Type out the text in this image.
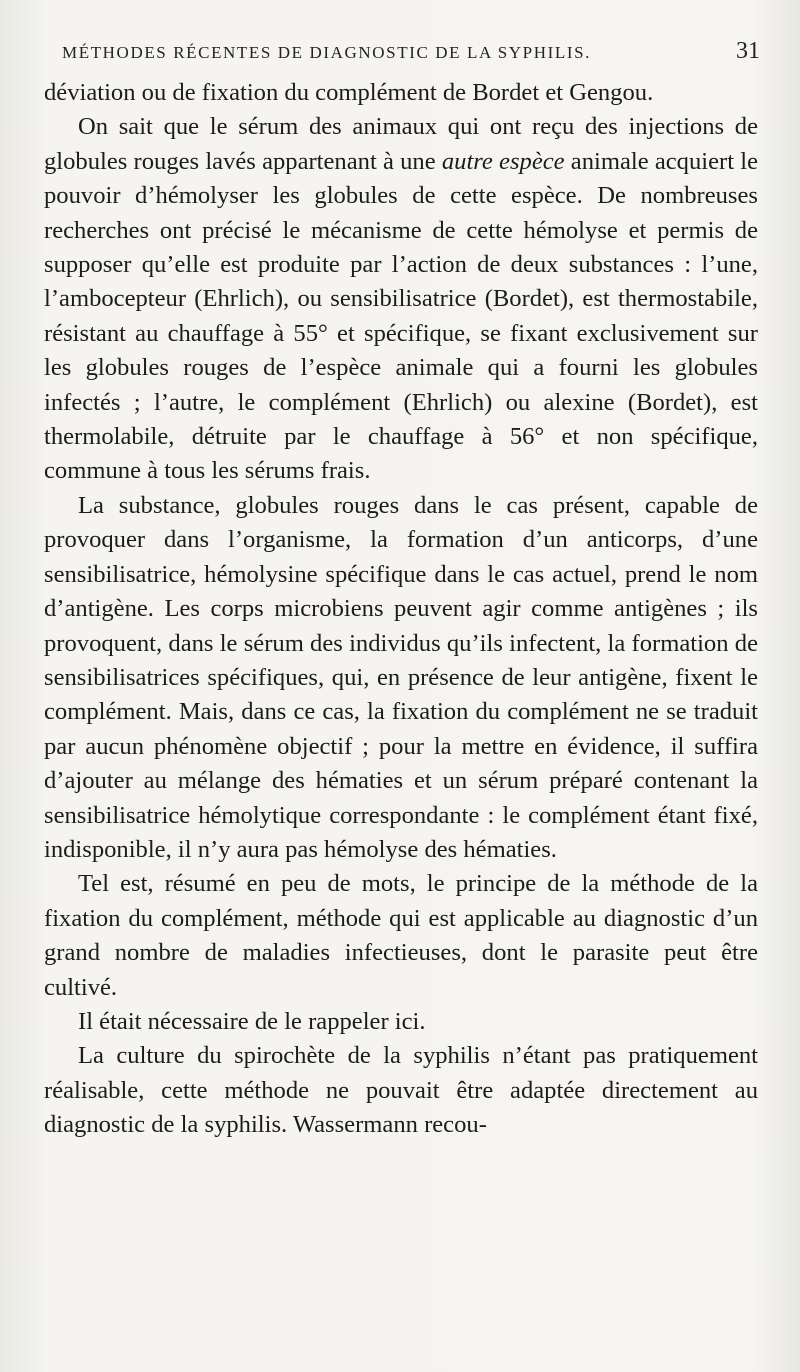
MÉTHODES RÉCENTES DE DIAGNOSTIC DE LA SYPHILIS.	31

déviation ou de fixation du complément de Bordet et Gengou.

On sait que le sérum des animaux qui ont reçu des injections de globules rouges lavés appartenant à une autre espèce animale acquiert le pouvoir d’hémolyser les globules de cette espèce. De nombreuses recherches ont précisé le mécanisme de cette hémolyse et permis de supposer qu’elle est produite par l’action de deux substances : l’une, l’ambocepteur (Ehrlich), ou sensibilisatrice (Bordet), est thermostabile, résistant au chauffage à 55° et spécifique, se fixant exclusivement sur les globules rouges de l’espèce animale qui a fourni les globules infectés ; l’autre, le complément (Ehrlich) ou alexine (Bordet), est thermolabile, détruite par le chauffage à 56° et non spécifique, commune à tous les sérums frais.

La substance, globules rouges dans le cas présent, capable de provoquer dans l’organisme, la formation d’un anticorps, d’une sensibilisatrice, hémolysine spécifique dans le cas actuel, prend le nom d’antigène. Les corps microbiens peuvent agir comme antigènes ; ils provoquent, dans le sérum des individus qu’ils infectent, la formation de sensibilisatrices spécifiques, qui, en présence de leur antigène, fixent le complément. Mais, dans ce cas, la fixation du complément ne se traduit par aucun phénomène objectif ; pour la mettre en évidence, il suffira d’ajouter au mélange des hématies et un sérum préparé contenant la sensibilisatrice hémolytique correspondante : le complément étant fixé, indisponible, il n’y aura pas hémolyse des hématies.

Tel est, résumé en peu de mots, le principe de la méthode de la fixation du complément, méthode qui est applicable au diagnostic d’un grand nombre de maladies infectieuses, dont le parasite peut être cultivé.

Il était nécessaire de le rappeler ici.

La culture du spirochète de la syphilis n’étant pas pratiquement réalisable, cette méthode ne pouvait être adaptée directement au diagnostic de la syphilis. Wassermann recou-
